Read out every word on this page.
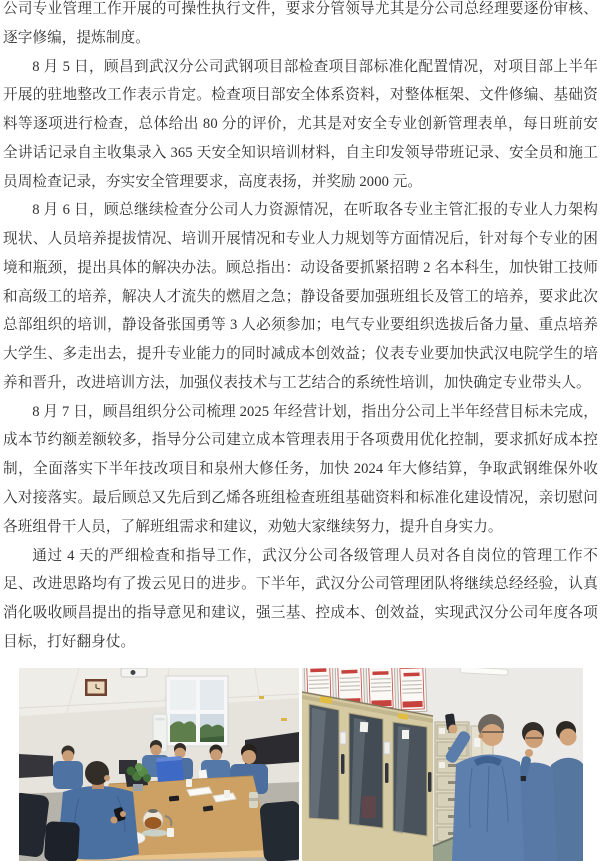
公司专业管理工作开展的可操性执行文件，要求分管领导尤其是分公司总经理要逐份审核、逐字修编，提炼制度。

8 月 5 日，顾昌到武汉分公司武钢项目部检查项目部标准化配置情况，对项目部上半年开展的驻地整改工作表示肯定。检查项目部安全体系资料，对整体框架、文件修编、基础资料等逐项进行检查，总体给出 80 分的评价，尤其是对安全专业创新管理表单，每日班前安全讲话记录自主收集录入 365 天安全知识培训材料，自主印发领导带班记录、安全员和施工员周检查记录，夯实安全管理要求，高度表扬，并奖励 2000 元。

8 月 6 日，顾总继续检查分公司人力资源情况，在听取各专业主管汇报的专业人力架构现状、人员培养提拔情况、培训开展情况和专业人力规划等方面情况后，针对每个专业的困境和瓶颈，提出具体的解决办法。顾总指出：动设备要抓紧招聘 2 名本科生，加快钳工技师和高级工的培养，解决人才流失的燃眉之急；静设备要加强班组长及管工的培养，要求此次总部组织的培训，静设备张国勇等 3 人必须参加；电气专业要组织选拔后备力量、重点培养大学生、多走出去，提升专业能力的同时减成本创效益；仪表专业要加快武汉电院学生的培养和晋升，改进培训方法，加强仪表技术与工艺结合的系统性培训，加快确定专业带头人。

8 月 7 日，顾昌组织分公司梳理 2025 年经营计划，指出分公司上半年经营目标未完成，成本节约额差额较多，指导分公司建立成本管理表用于各项费用优化控制，要求抓好成本控制，全面落实下半年技改项目和泉州大修任务，加快 2024 年大修结算，争取武钢维保外收入对接落实。最后顾总又先后到乙烯各班组检查班组基础资料和标准化建设情况，亲切慰问各班组骨干人员，了解班组需求和建议，劝勉大家继续努力，提升自身实力。

通过 4 天的严细检查和指导工作，武汉分公司各级管理人员对各自岗位的管理工作不足、改进思路均有了拨云见日的进步。下半年，武汉分公司管理团队将继续总经经验，认真消化吸收顾昌提出的指导意见和建议，强三基、控成本、创效益，实现武汉分公司年度各项目标，打好翻身仗。
